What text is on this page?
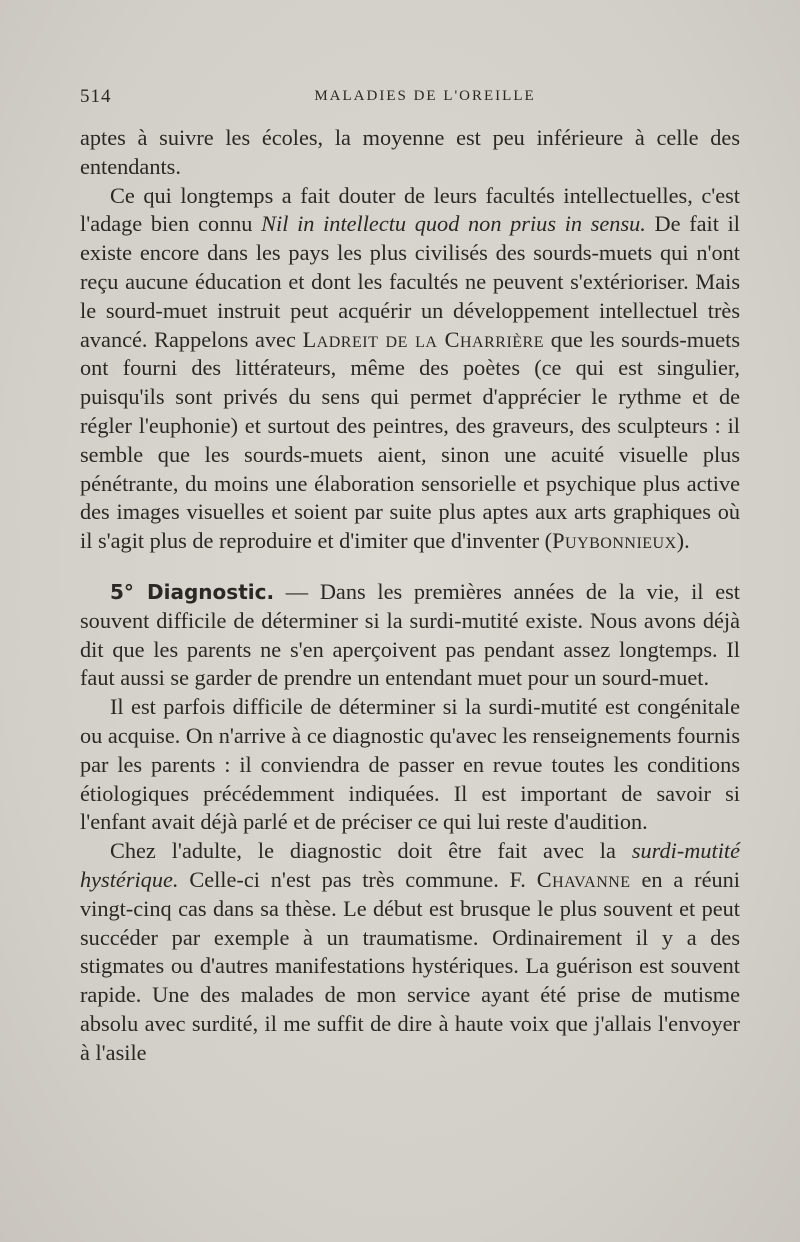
514	MALADIES DE L'OREILLE

aptes à suivre les écoles, la moyenne est peu inférieure à celle des entendants.

Ce qui longtemps a fait douter de leurs facultés intellectuelles, c'est l'adage bien connu Nil in intellectu quod non prius in sensu. De fait il existe encore dans les pays les plus civilisés des sourds-muets qui n'ont reçu aucune éducation et dont les facultés ne peuvent s'extérioriser. Mais le sourd-muet instruit peut acquérir un développement intellectuel très avancé. Rappelons avec Ladreit de la Charrière que les sourds-muets ont fourni des littérateurs, même des poètes (ce qui est singulier, puisqu'ils sont privés du sens qui permet d'apprécier le rythme et de régler l'euphonie) et surtout des peintres, des graveurs, des sculpteurs : il semble que les sourds-muets aient, sinon une acuité visuelle plus pénétrante, du moins une élaboration sensorielle et psychique plus active des images visuelles et soient par suite plus aptes aux arts graphiques où il s'agit plus de reproduire et d'imiter que d'inventer (Puybonnieux).

5° Diagnostic. — Dans les premières années de la vie, il est souvent difficile de déterminer si la surdi-mutité existe. Nous avons déjà dit que les parents ne s'en aperçoivent pas pendant assez longtemps. Il faut aussi se garder de prendre un entendant muet pour un sourd-muet.

Il est parfois difficile de déterminer si la surdi-mutité est congénitale ou acquise. On n'arrive à ce diagnostic qu'avec les renseignements fournis par les parents : il conviendra de passer en revue toutes les conditions étiologiques précédemment indiquées. Il est important de savoir si l'enfant avait déjà parlé et de préciser ce qui lui reste d'audition.

Chez l'adulte, le diagnostic doit être fait avec la surdi-mutité hystérique. Celle-ci n'est pas très commune. F. Chavanne en a réuni vingt-cinq cas dans sa thèse. Le début est brusque le plus souvent et peut succéder par exemple à un traumatisme. Ordinairement il y a des stigmates ou d'autres manifestations hystériques. La guérison est souvent rapide. Une des malades de mon service ayant été prise de mutisme absolu avec surdité, il me suffit de dire à haute voix que j'allais l'envoyer à l'asile
